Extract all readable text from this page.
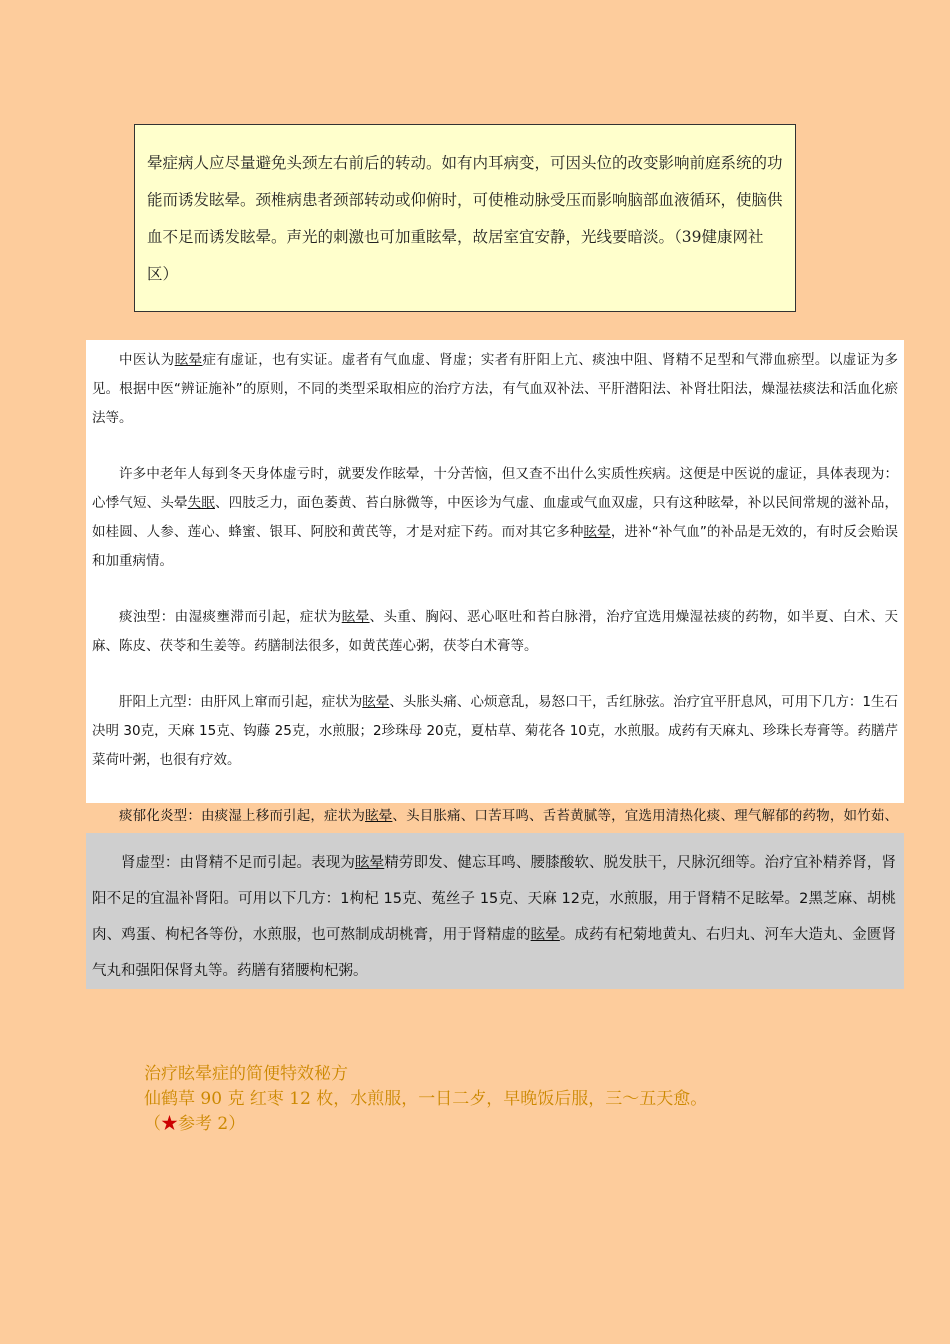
晕症病人应尽量避免头颈左右前后的转动。如有内耳病变，可因头位的改变影响前庭系统的功能而诱发眩晕。颈椎病患者颈部转动或仰俯时，可使椎动脉受压而影响脑部血液循环，使脑供血不足而诱发眩晕。声光的刺激也可加重眩晕，故居室宜安静，光线要暗淡。（39健康网社区）

中医认为眩晕症有虚证，也有实证。虚者有气血虚、肾虚；实者有肝阳上亢、痰浊中阻、肾精不足型和气滞血瘀型。以虚证为多见。根据中医“辨证施补”的原则，不同的类型采取相应的治疗方法，有气血双补法、平肝潜阳法、补肾壮阳法，燥湿祛痰法和活血化瘀法等。

许多中老年人每到冬天身体虚亏时，就要发作眩晕，十分苦恼，但又查不出什么实质性疾病。这便是中医说的虚证，具体表现为：心悸气短、头晕失眠、四肢乏力，面色萎黄、苔白脉微等，中医诊为气虚、血虚或气血双虚，只有这种眩晕，补以民间常规的滋补品，如桂圆、人参、莲心、蜂蜜、银耳、阿胶和黄芪等，才是对症下药。而对其它多种眩晕，进补“补气血”的补品是无效的，有时反会贻误和加重病情。

痰浊型：由湿痰壅滞而引起，症状为眩晕、头重、胸闷、恶心呕吐和苔白脉滑，治疗宜选用燥湿祛痰的药物，如半夏、白术、天麻、陈皮、茯苓和生姜等。药膳制法很多，如黄芪莲心粥，茯苓白术膏等。

肝阳上亢型：由肝风上窜而引起，症状为眩晕、头胀头痛、心烦意乱，易怒口干，舌红脉弦。治疗宜平肝息风，可用下几方：1生石决明 30克，天麻 15克、钩藤 25克，水煎服；2珍珠母 20克，夏枯草、菊花各 10克，水煎服。成药有天麻丸、珍珠长寿膏等。药膳芹菜荷叶粥，也很有疗效。

痰郁化炎型：由痰湿上移而引起，症状为眩晕、头目胀痛、口苦耳鸣、舌苔黄腻等，宜选用清热化痰、理气解郁的药物，如竹茹、

肾虚型：由肾精不足而引起。表现为眩晕精劳即发、健忘耳鸣、腰膝酸软、脱发肤干，尺脉沉细等。治疗宜补精养肾，肾阳不足的宜温补肾阳。可用以下几方：1枸杞 15克、菟丝子 15克、天麻 12克，水煎服，用于肾精不足眩晕。2黑芝麻、胡桃肉、鸡蛋、枸杞各等份，水煎服，也可熬制成胡桃膏，用于肾精虚的眩晕。成药有杞菊地黄丸、右归丸、河车大造丸、金匮肾气丸和强阳保肾丸等。药膳有猪腰枸杞粥。

治疗眩晕症的简便特效秘方
仙鹤草 90 克 红枣 12 枚，水煎服，一日二歺，早晚饭后服，三～五天愈。
（★参考 2）
